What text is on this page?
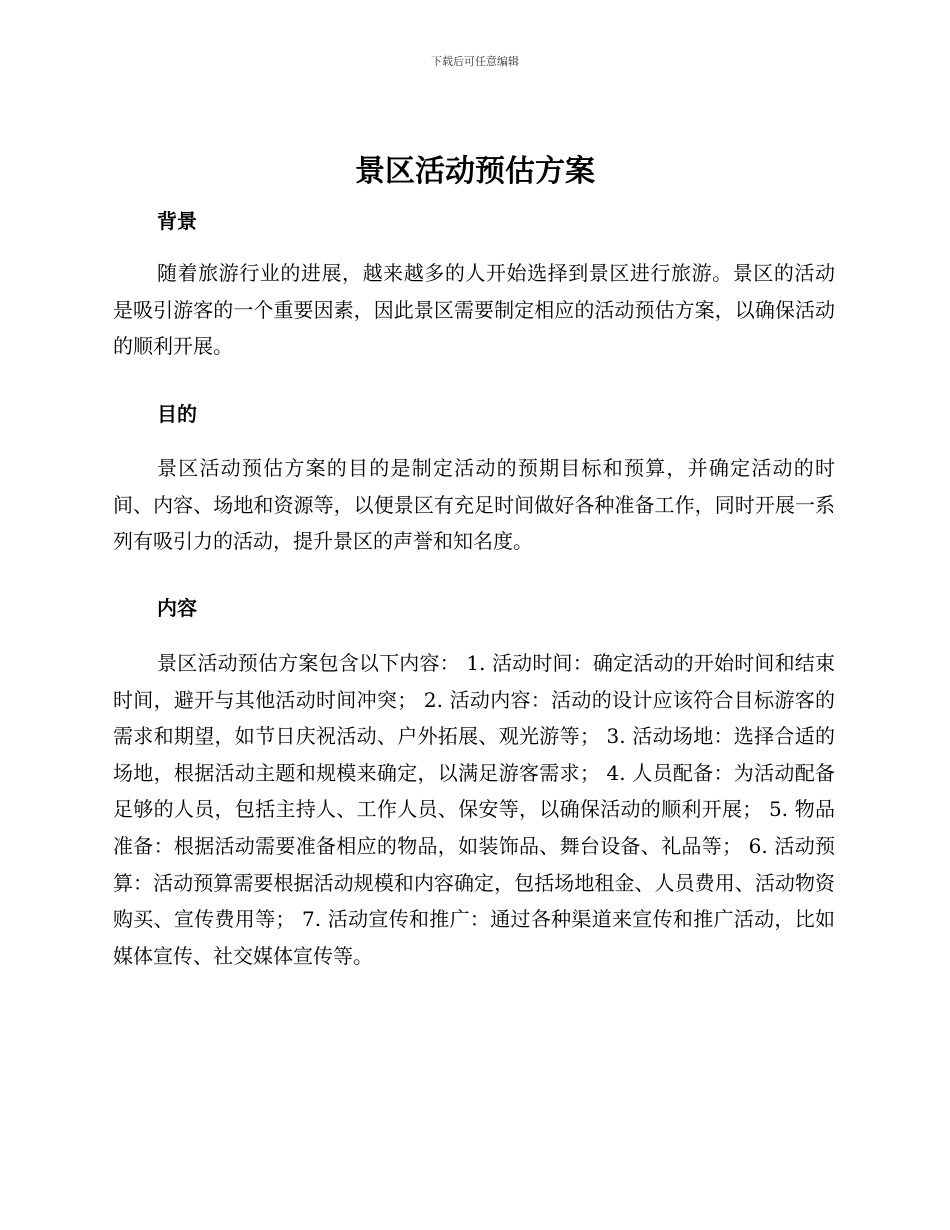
下载后可任意编辑
景区活动预估方案
背景

随着旅游行业的进展，越来越多的人开始选择到景区进行旅游。景区的活动是吸引游客的一个重要因素，因此景区需要制定相应的活动预估方案，以确保活动的顺利开展。

目的

景区活动预估方案的目的是制定活动的预期目标和预算，并确定活动的时间、内容、场地和资源等，以便景区有充足时间做好各种准备工作，同时开展一系列有吸引力的活动，提升景区的声誉和知名度。

内容

景区活动预估方案包含以下内容： 1. 活动时间：确定活动的开始时间和结束时间，避开与其他活动时间冲突； 2. 活动内容：活动的设计应该符合目标游客的需求和期望，如节日庆祝活动、户外拓展、观光游等； 3. 活动场地：选择合适的场地，根据活动主题和规模来确定，以满足游客需求； 4. 人员配备：为活动配备足够的人员，包括主持人、工作人员、保安等，以确保活动的顺利开展； 5. 物品准备：根据活动需要准备相应的物品，如装饰品、舞台设备、礼品等； 6. 活动预算：活动预算需要根据活动规模和内容确定，包括场地租金、人员费用、活动物资购买、宣传费用等； 7. 活动宣传和推广：通过各种渠道来宣传和推广活动，比如媒体宣传、社交媒体宣传等。
